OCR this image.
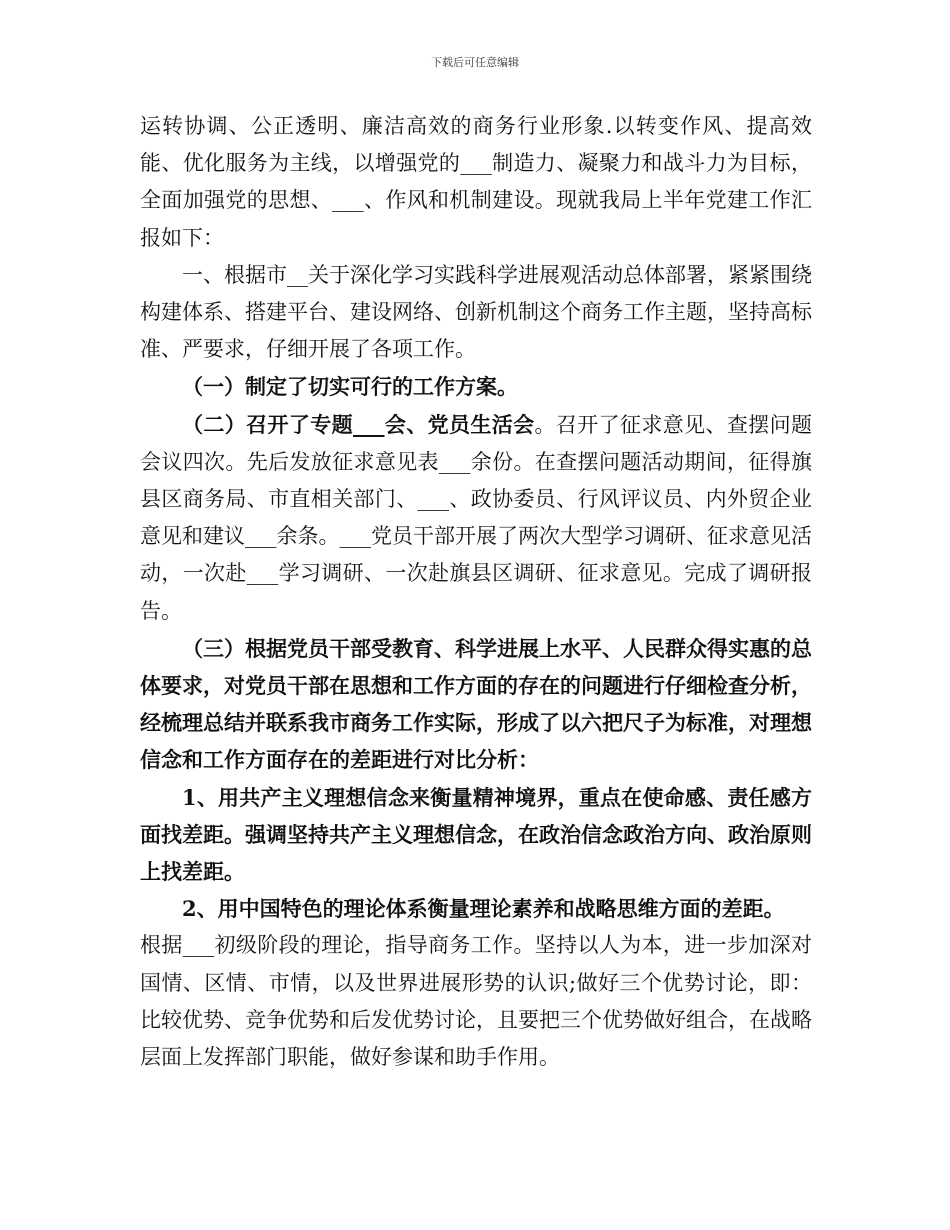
下载后可任意编辑

运转协调、公正透明、廉洁高效的商务行业形象.以转变作风、提高效能、优化服务为主线，以增强党的___制造力、凝聚力和战斗力为目标，全面加强党的思想、___、作风和机制建设。现就我局上半年党建工作汇报如下：

一、根据市__关于深化学习实践科学进展观活动总体部署，紧紧围绕构建体系、搭建平台、建设网络、创新机制这个商务工作主题，坚持高标准、严要求，仔细开展了各项工作。

（一）制定了切实可行的工作方案。

（二）召开了专题___会、党员生活会。召开了征求意见、查摆问题会议四次。先后发放征求意见表___余份。在查摆问题活动期间，征得旗县区商务局、市直相关部门、___、政协委员、行风评议员、内外贸企业意见和建议___余条。___党员干部开展了两次大型学习调研、征求意见活动，一次赴___学习调研、一次赴旗县区调研、征求意见。完成了调研报告。

（三）根据党员干部受教育、科学进展上水平、人民群众得实惠的总体要求，对党员干部在思想和工作方面的存在的问题进行仔细检查分析，经梳理总结并联系我市商务工作实际，形成了以六把尺子为标准，对理想信念和工作方面存在的差距进行对比分析：

1、用共产主义理想信念来衡量精神境界，重点在使命感、责任感方面找差距。强调坚持共产主义理想信念，在政治信念政治方向、政治原则上找差距。

2、用中国特色的理论体系衡量理论素养和战略思维方面的差距。

根据___初级阶段的理论，指导商务工作。坚持以人为本，进一步加深对国情、区情、市情，以及世界进展形势的认识;做好三个优势讨论，即：比较优势、竞争优势和后发优势讨论，且要把三个优势做好组合，在战略层面上发挥部门职能，做好参谋和助手作用。
